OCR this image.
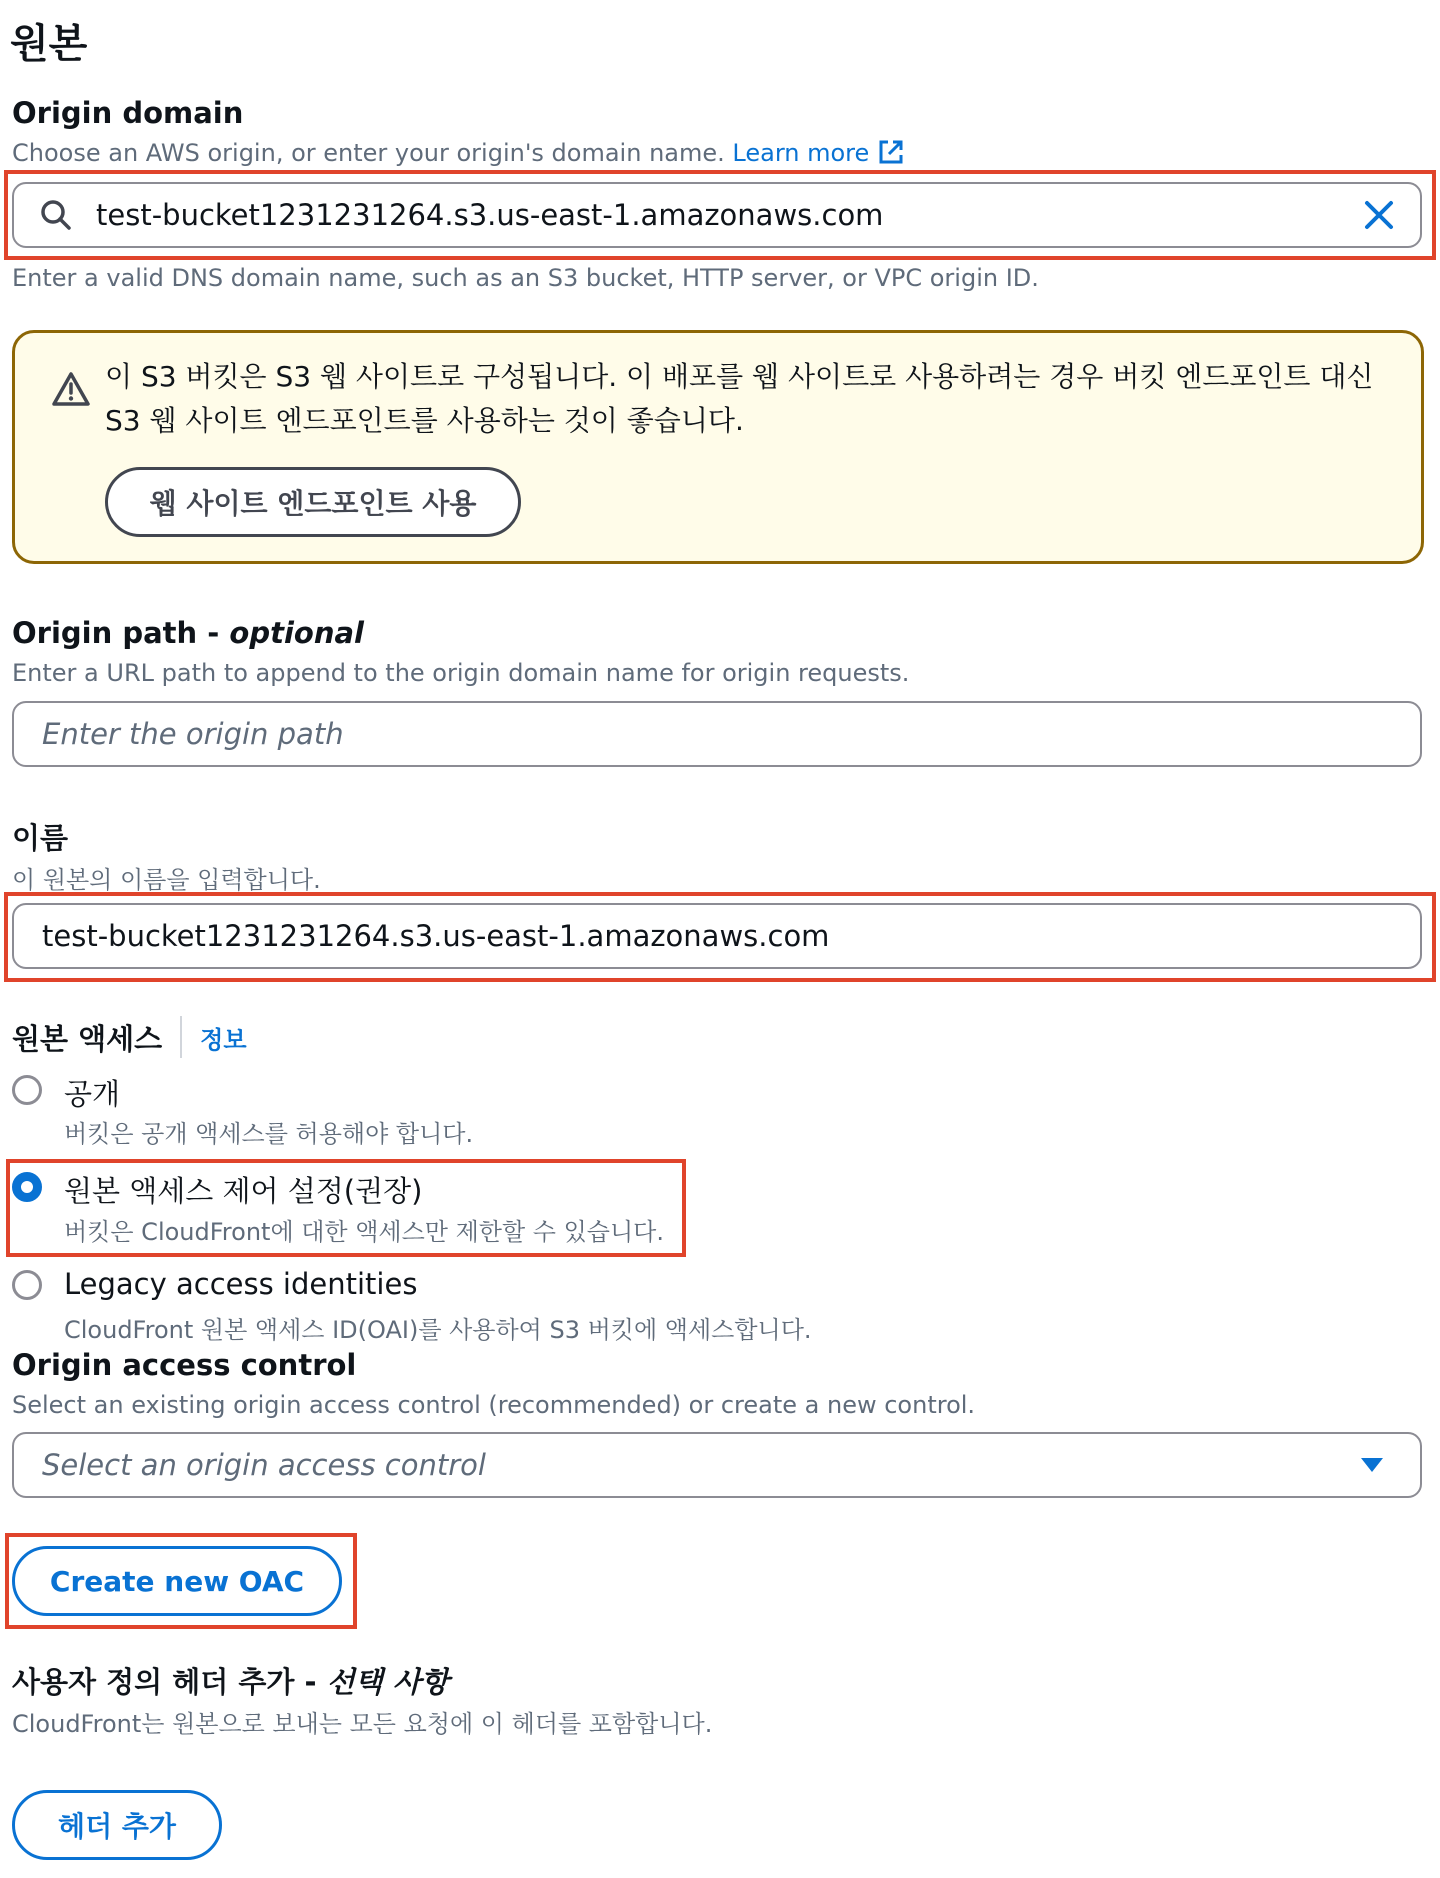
원본
Origin domain
Choose an AWS origin, or enter your origin's domain name. Learn more
test-bucket1231231264.s3.us-east-1.amazonaws.com
Enter a valid DNS domain name, such as an S3 bucket, HTTP server, or VPC origin ID.
이 S3 버킷은 S3 웹 사이트로 구성됩니다. 이 배포를 웹 사이트로 사용하려는 경우 버킷 엔드포인트 대신 S3 웹 사이트 엔드포인트를 사용하는 것이 좋습니다.
웹 사이트 엔드포인트 사용
Origin path - optional
Enter a URL path to append to the origin domain name for origin requests.
Enter the origin path
이름
이 원본의 이름을 입력합니다.
test-bucket1231231264.s3.us-east-1.amazonaws.com
원본 액세스 정보
공개
버킷은 공개 액세스를 허용해야 합니다.
원본 액세스 제어 설정(권장)
버킷은 CloudFront에 대한 액세스만 제한할 수 있습니다.
Legacy access identities
CloudFront 원본 액세스 ID(OAI)를 사용하여 S3 버킷에 액세스합니다.
Origin access control
Select an existing origin access control (recommended) or create a new control.
Select an origin access control
Create new OAC
사용자 정의 헤더 추가 - 선택 사항
CloudFront는 원본으로 보내는 모든 요청에 이 헤더를 포함합니다.
헤더 추가
